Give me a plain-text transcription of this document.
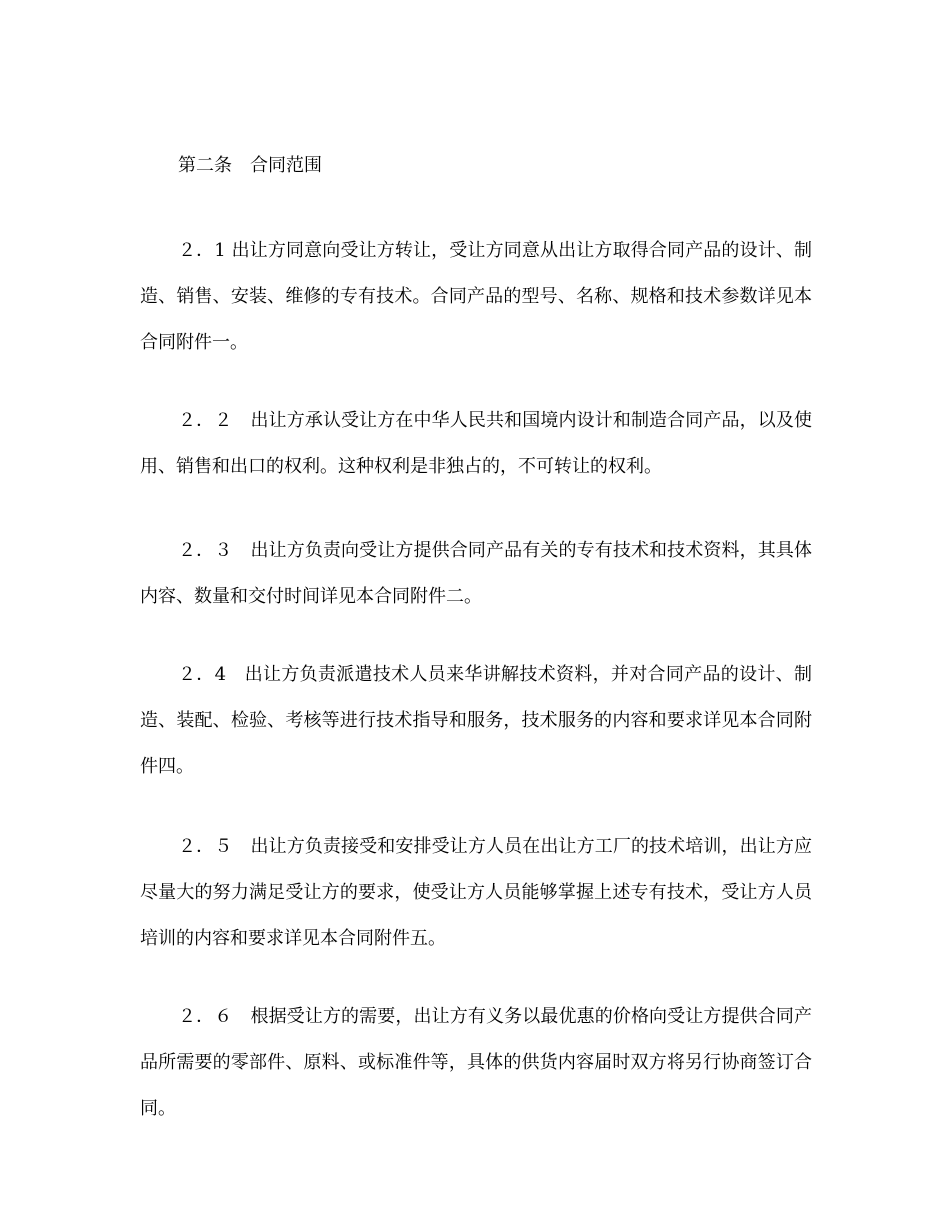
第二条　合同范围

２．1 出让方同意向受让方转让，受让方同意从出让方取得合同产品的设计、制造、销售、安装、维修的专有技术。合同产品的型号、名称、规格和技术参数详见本合同附件一。

２．２　出让方承认受让方在中华人民共和国境内设计和制造合同产品，以及使用、销售和出口的权利。这种权利是非独占的，不可转让的权利。

２．３　出让方负责向受让方提供合同产品有关的专有技术和技术资料，其具体内容、数量和交付时间详见本合同附件二。

２．4　出让方负责派遣技术人员来华讲解技术资料，并对合同产品的设计、制造、装配、检验、考核等进行技术指导和服务，技术服务的内容和要求详见本合同附件四。

２．５　出让方负责接受和安排受让方人员在出让方工厂的技术培训，出让方应尽量大的努力满足受让方的要求，使受让方人员能够掌握上述专有技术，受让方人员培训的内容和要求详见本合同附件五。

２．６　根据受让方的需要，出让方有义务以最优惠的价格向受让方提供合同产品所需要的零部件、原料、或标准件等，具体的供货内容届时双方将另行协商签订合同。
